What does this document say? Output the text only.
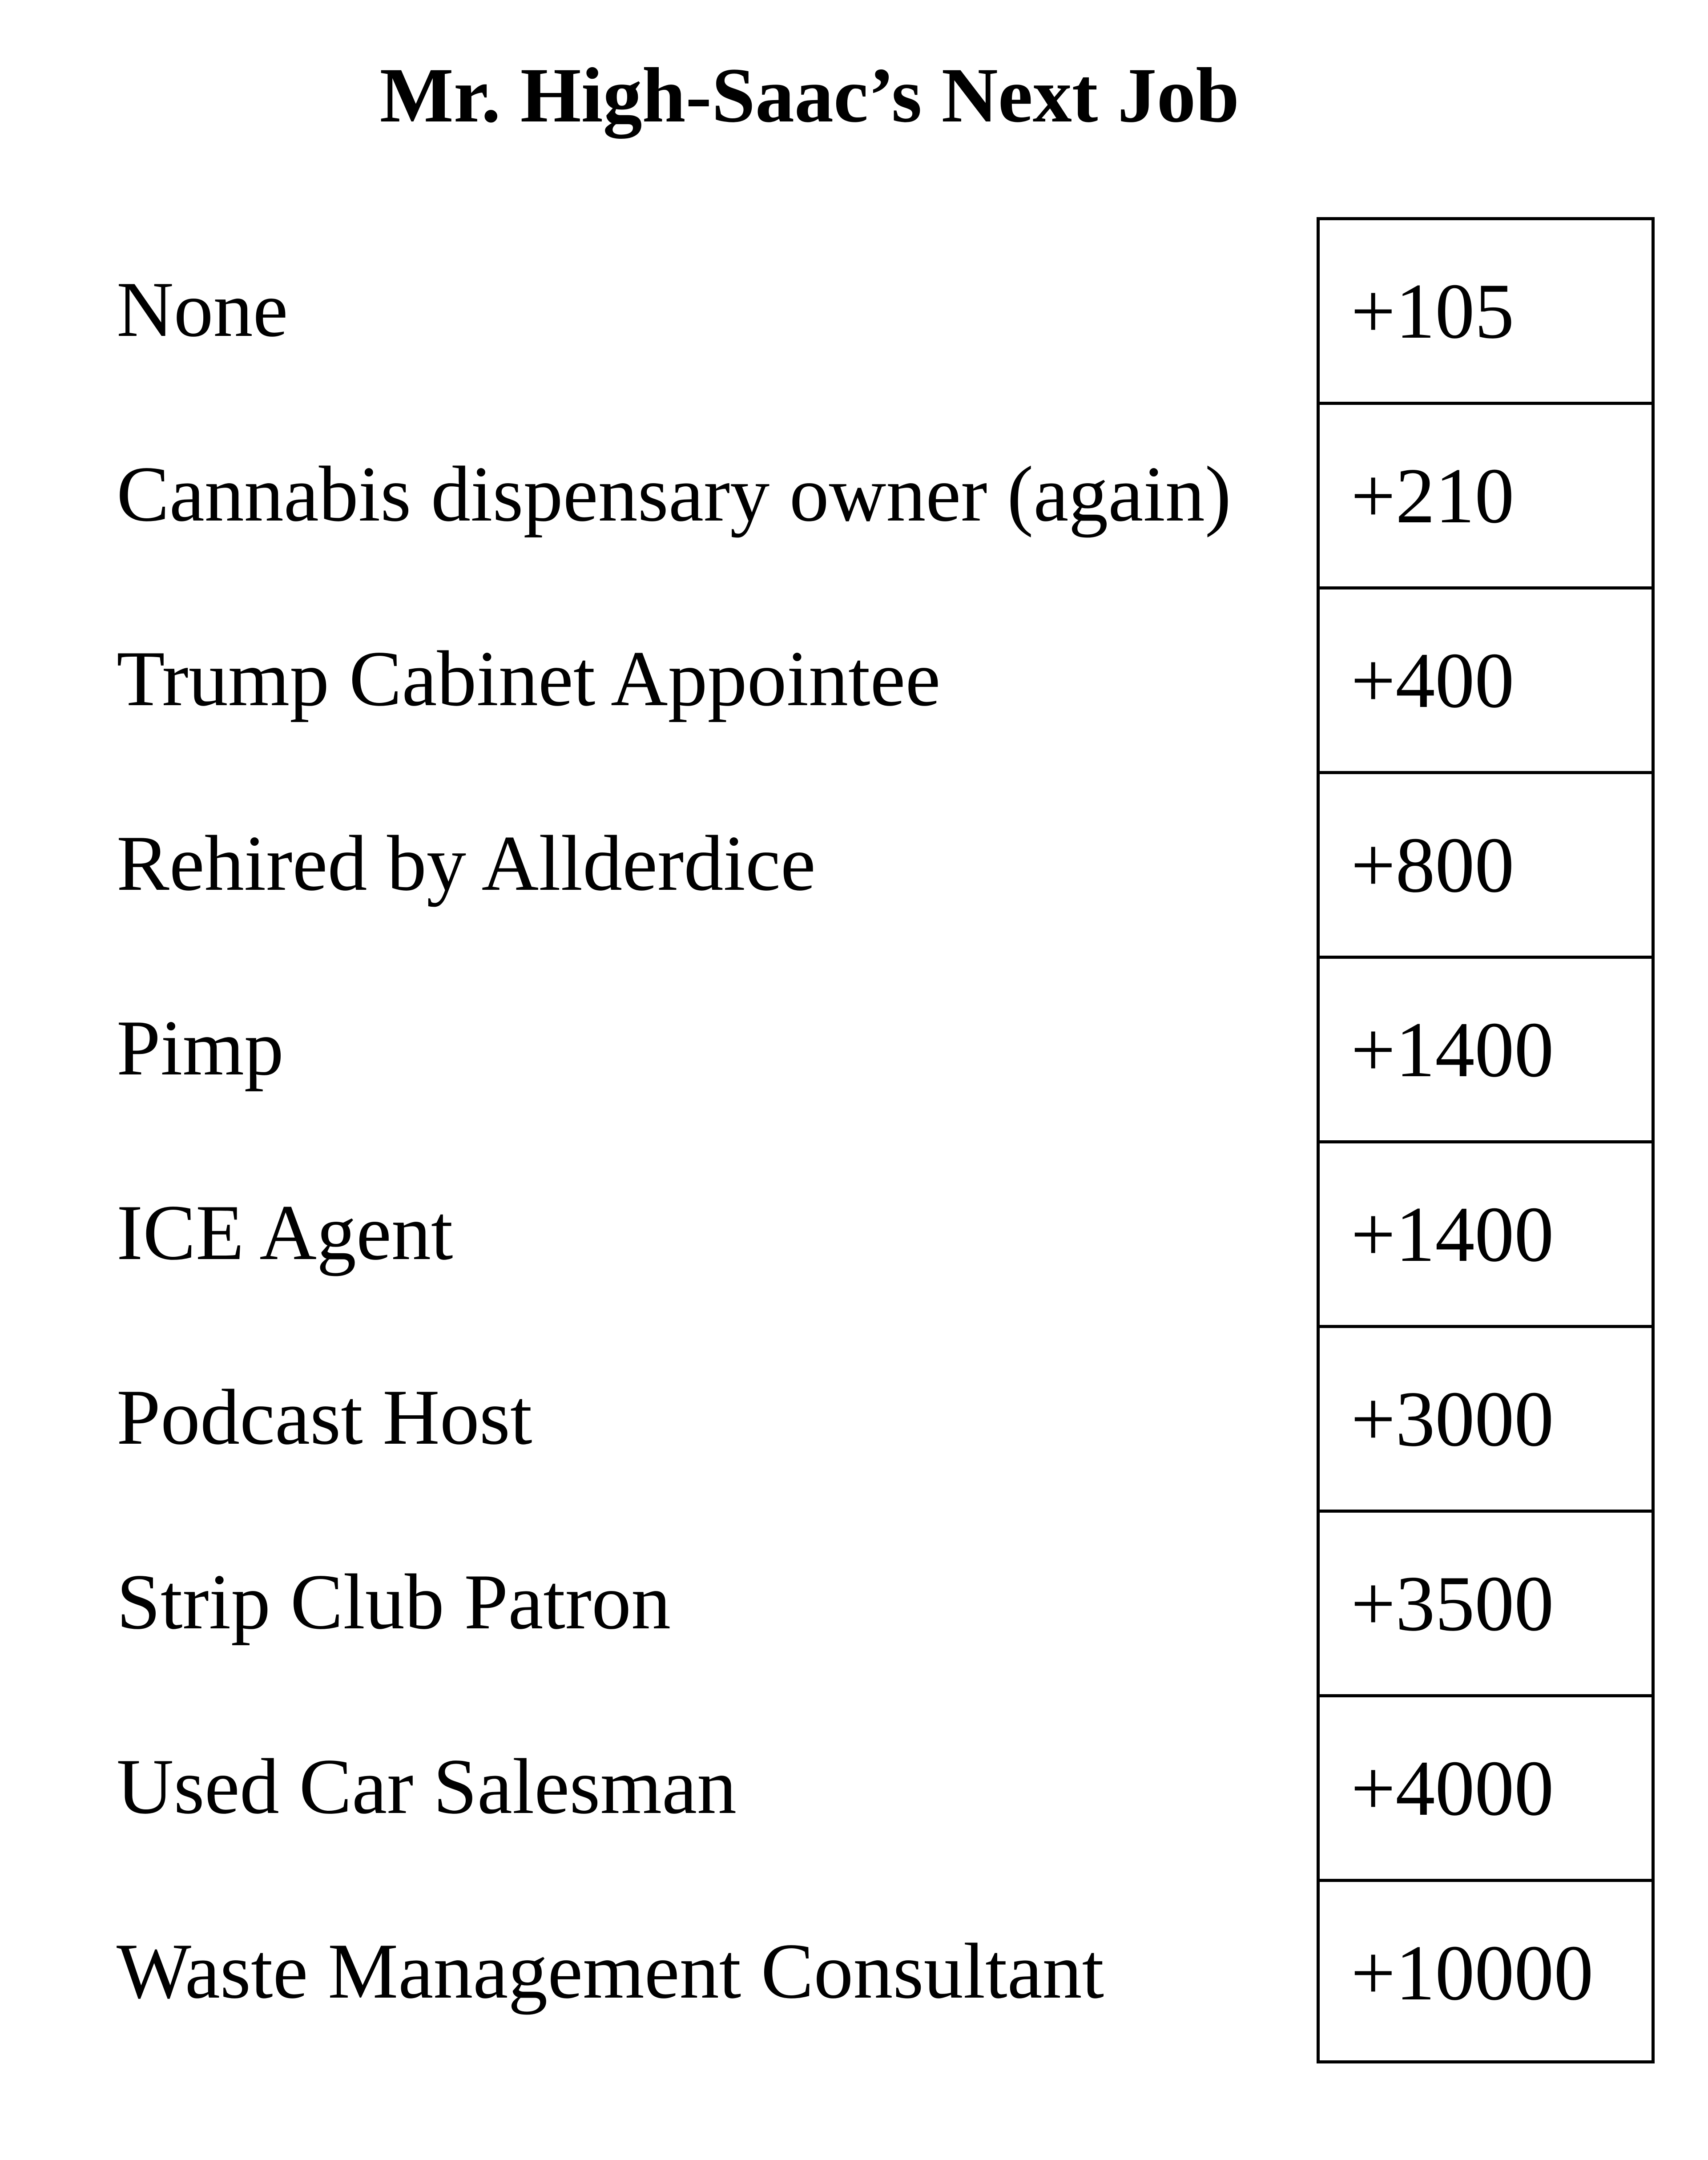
Mr. High-Saac’s Next Job
None	+105
Cannabis dispensary owner (again) +210
Trump Cabinet Appointee	+400
Rehired by Allderdice	+800
Pimp	+1400
ICE Agent	+1400
Podcast Host	+3000
Strip Club Patron	+3500
Used Car Salesman	+4000
Waste Management Consultant	+10000
